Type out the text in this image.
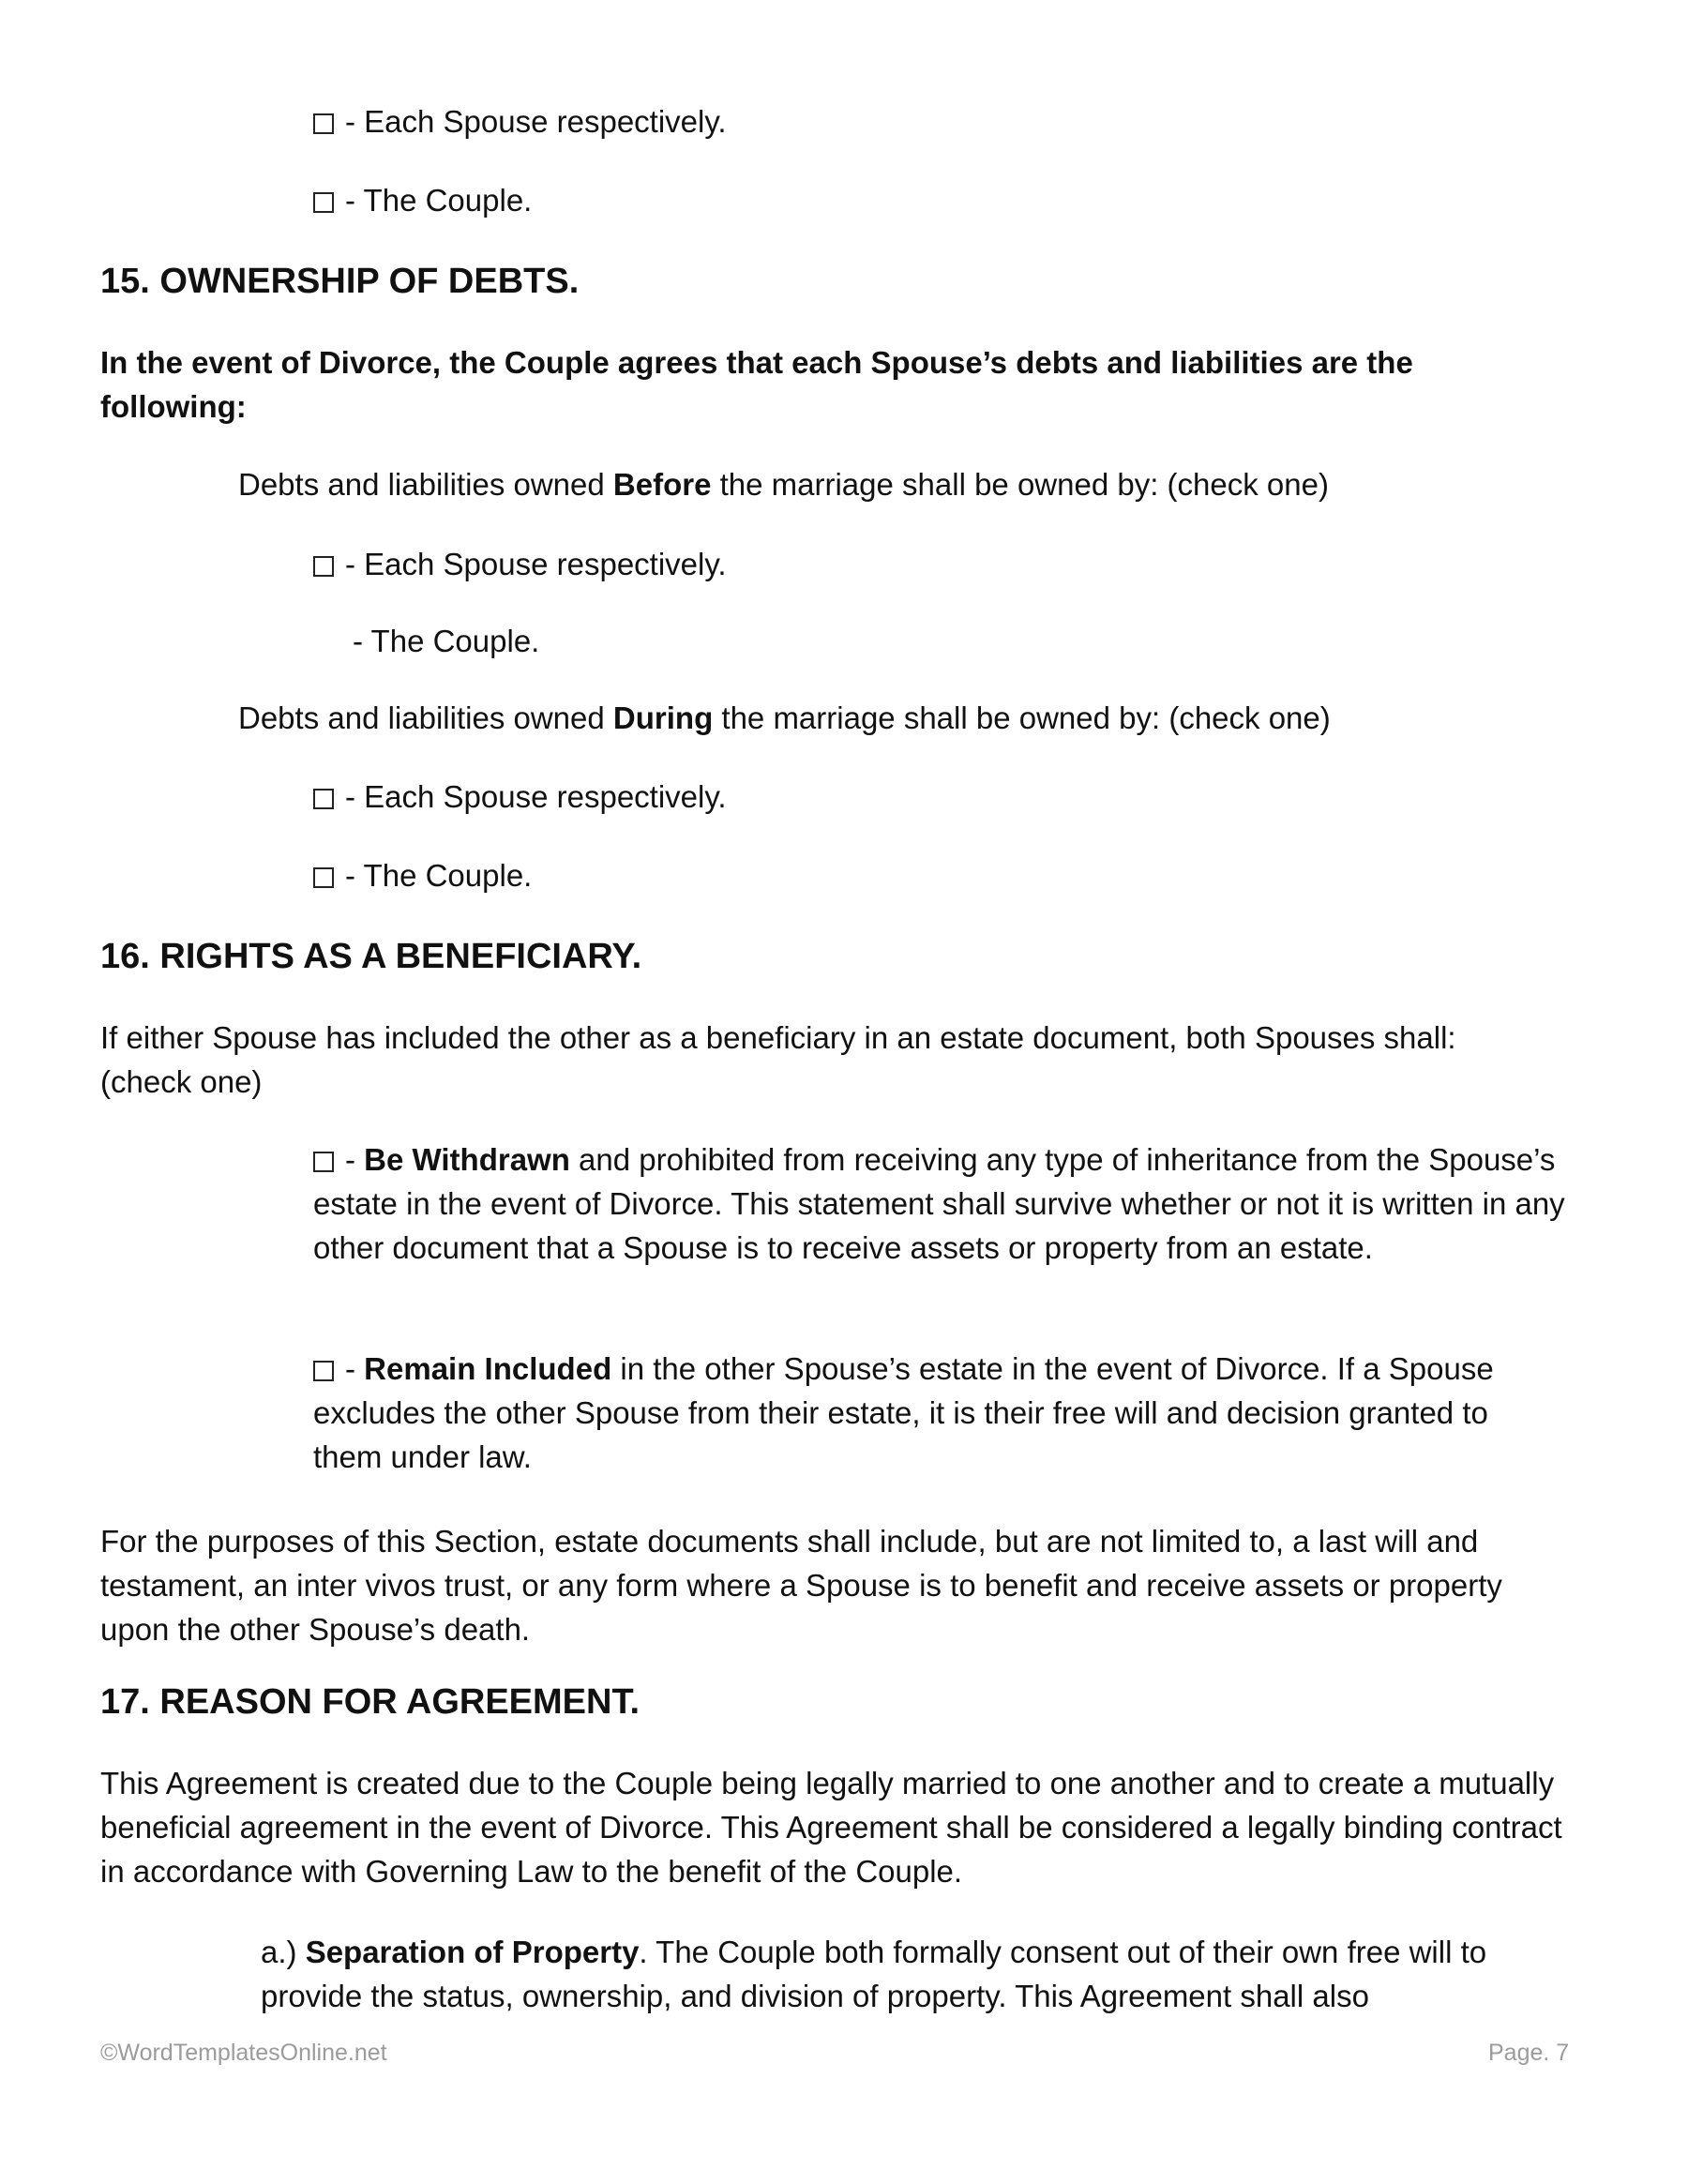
- Each Spouse respectively.
- The Couple.
15. OWNERSHIP OF DEBTS.
In the event of Divorce, the Couple agrees that each Spouse’s debts and liabilities are the following:
Debts and liabilities owned Before the marriage shall be owned by: (check one)
- Each Spouse respectively.
- The Couple.
Debts and liabilities owned During the marriage shall be owned by: (check one)
- Each Spouse respectively.
- The Couple.
16. RIGHTS AS A BENEFICIARY.
If either Spouse has included the other as a beneficiary in an estate document, both Spouses shall: (check one)
- Be Withdrawn and prohibited from receiving any type of inheritance from the Spouse’s estate in the event of Divorce. This statement shall survive whether or not it is written in any other document that a Spouse is to receive assets or property from an estate.
- Remain Included in the other Spouse’s estate in the event of Divorce. If a Spouse excludes the other Spouse from their estate, it is their free will and decision granted to them under law.
For the purposes of this Section, estate documents shall include, but are not limited to, a last will and testament, an inter vivos trust, or any form where a Spouse is to benefit and receive assets or property upon the other Spouse’s death.
17. REASON FOR AGREEMENT.
This Agreement is created due to the Couple being legally married to one another and to create a mutually beneficial agreement in the event of Divorce. This Agreement shall be considered a legally binding contract in accordance with Governing Law to the benefit of the Couple.
a.) Separation of Property. The Couple both formally consent out of their own free will to provide the status, ownership, and division of property. This Agreement shall also
©WordTemplatesOnline.net	Page. 7
